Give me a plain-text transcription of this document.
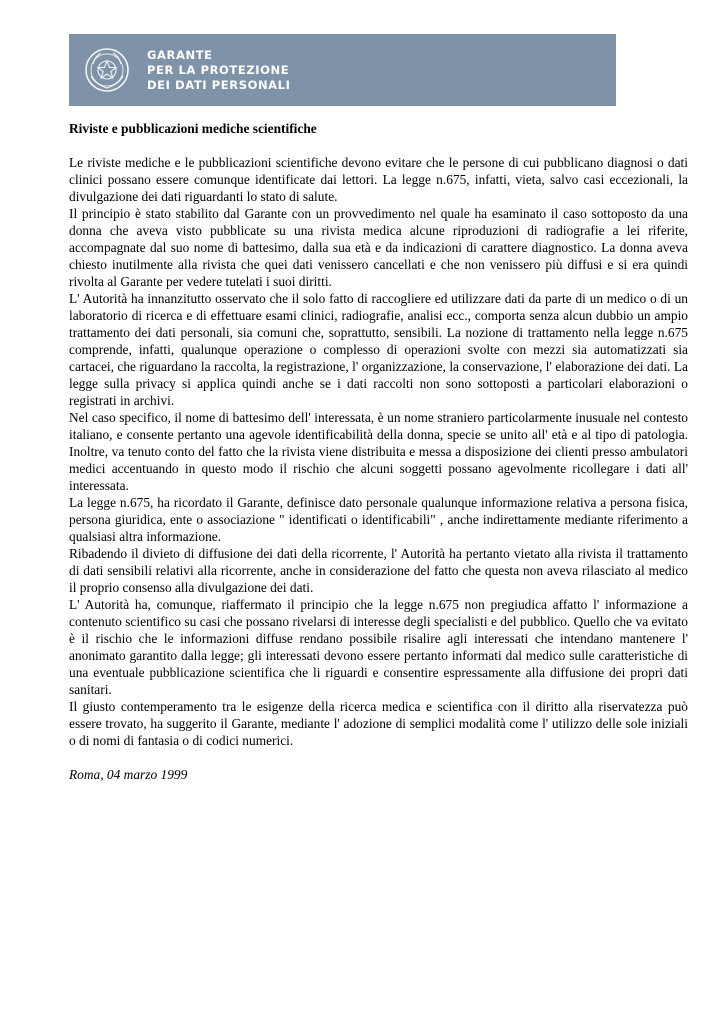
GARANTE
PER LA PROTEZIONE
DEI DATI PERSONALI
Riviste e pubblicazioni mediche scientifiche
Le riviste mediche e le pubblicazioni scientifiche devono evitare che le persone di cui pubblicano diagnosi o dati clinici possano essere comunque identificate dai lettori. La legge n.675, infatti, vieta, salvo casi eccezionali, la divulgazione dei dati riguardanti lo stato di salute.
Il principio è stato stabilito dal Garante con un provvedimento nel quale ha esaminato il caso sottoposto da una donna che aveva visto pubblicate su una rivista medica alcune riproduzioni di radiografie a lei riferite, accompagnate dal suo nome di battesimo, dalla sua età e da indicazioni di carattere diagnostico. La donna aveva chiesto inutilmente alla rivista che quei dati venissero cancellati e che non venissero più diffusi e si era quindi rivolta al Garante per vedere tutelati i suoi diritti.
L' Autorità ha innanzitutto osservato che il solo fatto di raccogliere ed utilizzare dati da parte di un medico o di un laboratorio di ricerca e di effettuare esami clinici, radiografie, analisi ecc., comporta senza alcun dubbio un ampio trattamento dei dati personali, sia comuni che, soprattutto, sensibili. La nozione di trattamento nella legge n.675 comprende, infatti, qualunque operazione o complesso di operazioni svolte con mezzi sia automatizzati sia cartacei, che riguardano la raccolta, la registrazione, l' organizzazione, la conservazione, l' elaborazione dei dati. La legge sulla privacy si applica quindi anche se i dati raccolti non sono sottoposti a particolari elaborazioni o registrati in archivi.
Nel caso specifico, il nome di battesimo dell' interessata, è un nome straniero particolarmente inusuale nel contesto italiano, e consente pertanto una agevole identificabilità della donna, specie se unito all' età e al tipo di patologia. Inoltre, va tenuto conto del fatto che la rivista viene distribuita e messa a disposizione dei clienti presso ambulatori medici accentuando in questo modo il rischio che alcuni soggetti possano agevolmente ricollegare i dati all' interessata.
La legge n.675, ha ricordato il Garante, definisce dato personale qualunque informazione relativa a persona fisica, persona giuridica, ente o associazione " identificati o identificabili" , anche indirettamente mediante riferimento a qualsiasi altra informazione.
Ribadendo il divieto di diffusione dei dati della ricorrente, l' Autorità ha pertanto vietato alla rivista il trattamento di dati sensibili relativi alla ricorrente, anche in considerazione del fatto che questa non aveva rilasciato al medico il proprio consenso alla divulgazione dei dati.
L' Autorità ha, comunque, riaffermato il principio che la legge n.675 non pregiudica affatto l' informazione a contenuto scientifico su casi che possano rivelarsi di interesse degli specialisti e del pubblico. Quello che va evitato è il rischio che le informazioni diffuse rendano possibile risalire agli interessati che intendano mantenere l' anonimato garantito dalla legge; gli interessati devono essere pertanto informati dal medico sulle caratteristiche di una eventuale pubblicazione scientifica che li riguardi e consentire espressamente alla diffusione dei propri dati sanitari.
Il giusto contemperamento tra le esigenze della ricerca medica e scientifica con il diritto alla riservatezza può essere trovato, ha suggerito il Garante, mediante l' adozione di semplici modalità come l' utilizzo delle sole iniziali o di nomi di fantasia o di codici numerici.
Roma, 04 marzo 1999
